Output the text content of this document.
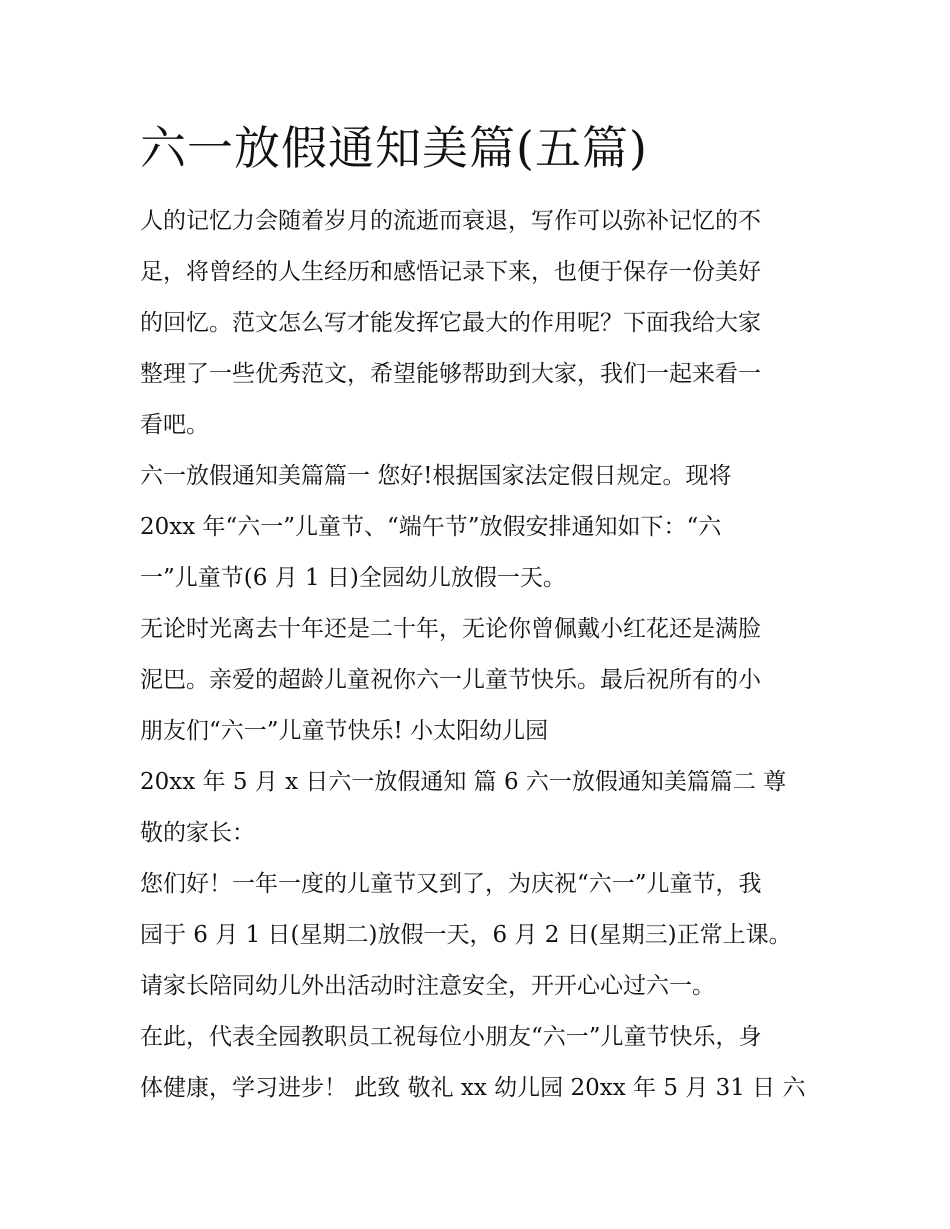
六一放假通知美篇(五篇)

人的记忆力会随着岁月的流逝而衰退，写作可以弥补记忆的不

足，将曾经的人生经历和感悟记录下来，也便于保存一份美好

的回忆。范文怎么写才能发挥它最大的作用呢？下面我给大家

整理了一些优秀范文，希望能够帮助到大家，我们一起来看一

看吧。

六一放假通知美篇篇一 您好!根据国家法定假日规定。现将

20xx 年“六一”儿童节、“端午节”放假安排通知如下：“六

一”儿童节(6 月 1 日)全园幼儿放假一天。

无论时光离去十年还是二十年，无论你曾佩戴小红花还是满脸

泥巴。亲爱的超龄儿童祝你六一儿童节快乐。最后祝所有的小

朋友们“六一”儿童节快乐! 小太阳幼儿园

20xx 年 5 月 x 日六一放假通知 篇 6 六一放假通知美篇篇二 尊

敬的家长：

您们好！一年一度的儿童节又到了，为庆祝“六一”儿童节，我

园于 6 月 1 日(星期二)放假一天，6 月 2 日(星期三)正常上课。

请家长陪同幼儿外出活动时注意安全，开开心心过六一。

在此，代表全园教职员工祝每位小朋友“六一”儿童节快乐，身

体健康，学习进步！ 此致 敬礼 xx 幼儿园 20xx 年 5 月 31 日 六
